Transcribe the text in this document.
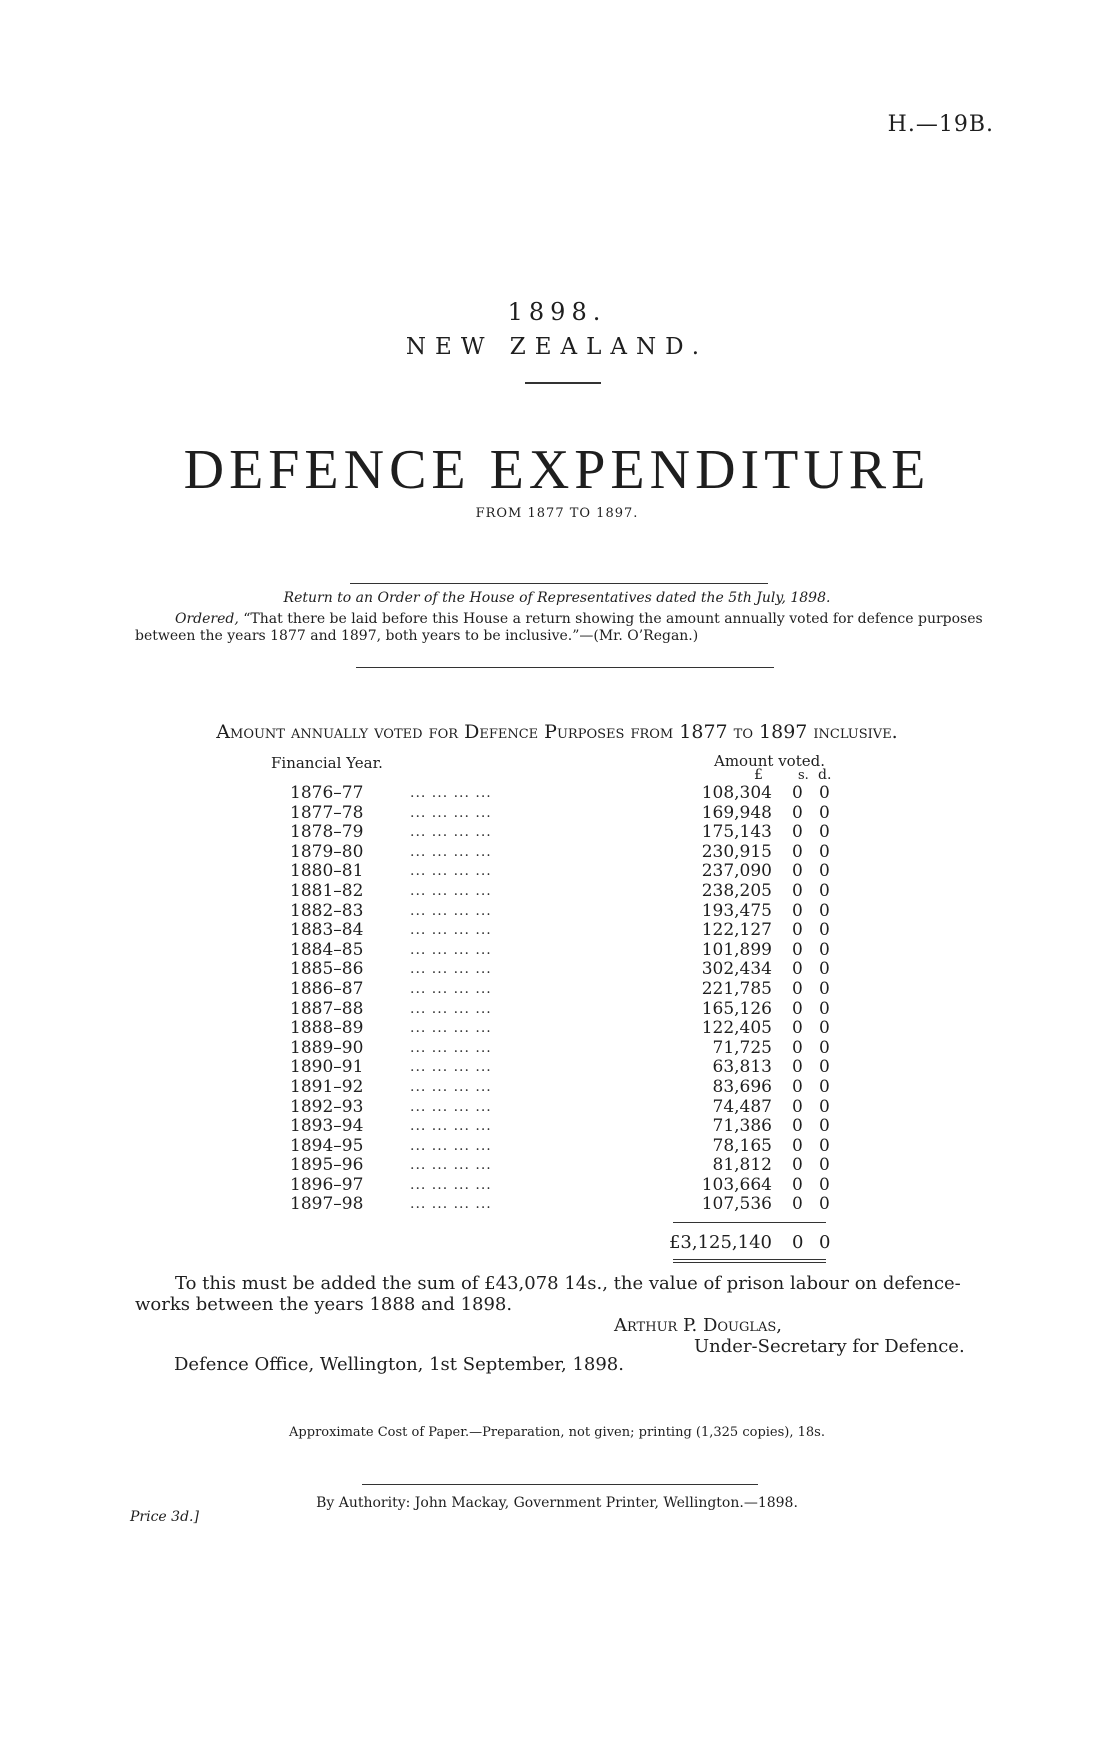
H.—19B.
1898.
NEW ZEALAND.
DEFENCE EXPENDITURE
FROM 1877 TO 1897.
Return to an Order of the House of Representatives dated the 5th July, 1898.
Ordered, “That there be laid before this House a return showing the amount annually voted for defence purposes between the years 1877 and 1897, both years to be inclusive.”—(Mr. O’Regan.)
Amount annually voted for Defence Purposes from 1877 to 1897 inclusive.
Financial Year.	Amount voted.
£	s. d.
1876–77	... ... ... ...	108,304 0 0
1877–78	... ... ... ...	169,948 0 0
1878–79	... ... ... ...	175,143 0 0
1879–80	... ... ... ...	230,915 0 0
1880–81	... ... ... ...	237,090 0 0
1881–82	... ... ... ...	238,205 0 0
1882–83	... ... ... ...	193,475 0 0
1883–84	... ... ... ...	122,127 0 0
1884–85	... ... ... ...	101,899 0 0
1885–86	... ... ... ...	302,434 0 0
1886–87	... ... ... ...	221,785 0 0
1887–88	... ... ... ...	165,126 0 0
1888–89	... ... ... ...	122,405 0 0
1889–90	... ... ... ...	71,725 0 0
1890–91	... ... ... ...	63,813 0 0
1891–92	... ... ... ...	83,696 0 0
1892–93	... ... ... ...	74,487 0 0
1893–94	... ... ... ...	71,386 0 0
1894–95	... ... ... ...	78,165 0 0
1895–96	... ... ... ...	81,812 0 0
1896–97	... ... ... ...	103,664 0 0
1897–98	... ... ... ...	107,536 0 0
£3,125,140 0 0
To this must be added the sum of £43,078 14s., the value of prison labour on defence-works between the years 1888 and 1898.
Arthur P. Douglas,
Under-Secretary for Defence.
Defence Office, Wellington, 1st September, 1898.
Approximate Cost of Paper.—Preparation, not given; printing (1,325 copies), 18s.
By Authority: John Mackay, Government Printer, Wellington.—1898.
Price 3d.]
